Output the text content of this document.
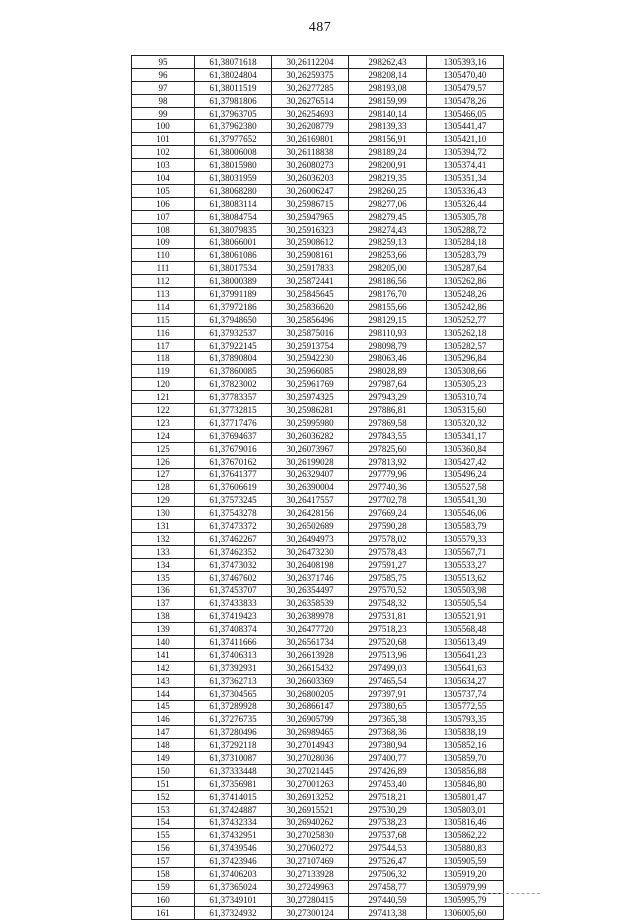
487
95	61,38071618	30,26112204	298262,43	1305393,16
96	61,38024804	30,26259375	298208,14	1305470,40
97	61,38011519	30,26277285	298193,08	1305479,57
98	61,37981806	30,26276514	298159,99	1305478,26
99	61,37963705	30,26254693	298140,14	1305466,05
100	61,37962380	30,26208779	298139,33	1305441,47
101	61,37977652	30,26169801	298156,91	1305421,10
102	61,38006008	30,26118838	298189,24	1305394,72
103	61,38015980	30,26080273	298200,91	1305374,41
104	61,38031959	30,26036203	298219,35	1305351,34
105	61,38068280	30,26006247	298260,25	1305336,43
106	61,38083114	30,25986715	298277,06	1305326,44
107	61,38084754	30,25947965	298279,45	1305305,78
108	61,38079835	30,25916323	298274,43	1305288,72
109	61,38066001	30,25908612	298259,13	1305284,18
110	61,38061086	30,25908161	298253,66	1305283,79
111	61,38017534	30,25917833	298205,00	1305287,64
112	61,38000389	30,25872441	298186,56	1305262,86
113	61,37991189	30,25845645	298176,70	1305248,26
114	61,37972186	30,25836620	298155,66	1305242,86
115	61,37948650	30,25856496	298129,15	1305252,77
116	61,37932537	30,25875016	298110,93	1305262,18
117	61,37922145	30,25913754	298098,79	1305282,57
118	61,37890804	30,25942230	298063,46	1305296,84
119	61,37860085	30,25966085	298028,89	1305308,66
120	61,37823002	30,25961769	297987,64	1305305,23
121	61,37783357	30,25974325	297943,29	1305310,74
122	61,37732815	30,25986281	297886,81	1305315,60
123	61,37717476	30,25995980	297869,58	1305320,32
124	61,37694637	30,26036282	297843,55	1305341,17
125	61,37679016	30,26073967	297825,60	1305360,84
126	61,37670162	30,26199028	297813,92	1305427,42
127	61,37641377	30,26329407	297779,96	1305496,24
128	61,37606619	30,26390004	297740,36	1305527,58
129	61,37573245	30,26417557	297702,78	1305541,30
130	61,37543278	30,26428156	297669,24	1305546,06
131	61,37473372	30,26502689	297590,28	1305583,79
132	61,37462267	30,26494973	297578,02	1305579,33
133	61,37462352	30,26473230	297578,43	1305567,71
134	61,37473032	30,26408198	297591,27	1305533,27
135	61,37467602	30,26371746	297585,75	1305513,62
136	61,37453707	30,26354497	297570,52	1305503,98
137	61,37433833	30,26358539	297548,32	1305505,54
138	61,37419423	30,26389978	297531,81	1305521,91
139	61,37408374	30,26477720	297518,23	1305568,48
140	61,37411666	30,26561734	297520,68	1305613,49
141	61,37406313	30,26613928	297513,96	1305641,23
142	61,37392931	30,26615432	297499,03	1305641,63
143	61,37362713	30,26603369	297465,54	1305634,27
144	61,37304565	30,26800205	297397,91	1305737,74
145	61,37289928	30,26866147	297380,65	1305772,55
146	61,37276735	30,26905799	297365,38	1305793,35
147	61,37280496	30,26989465	297368,36	1305838,19
148	61,37292118	30,27014943	297380,94	1305852,16
149	61,37310087	30,27028036	297400,77	1305859,70
150	61,37333448	30,27021445	297426,89	1305856,88
151	61,37356981	30,27001263	297453,40	1305846,80
152	61,37414015	30,26913252	297518,21	1305801,47
153	61,37424887	30,26915521	297530,29	1305803,01
154	61,37432334	30,26940262	297538,23	1305816,46
155	61,37432951	30,27025830	297537,68	1305862,22
156	61,37439546	30,27060272	297544,53	1305880,83
157	61,37423946	30,27107469	297526,47	1305905,59
158	61,37406203	30,27133928	297506,32	1305919,20
159	61,37365024	30,27249963	297458,77	1305979,99
160	61,37349101	30,27280415	297440,59	1305995,79
161	61,37324932	30,27300124	297413,38	1306005,60
